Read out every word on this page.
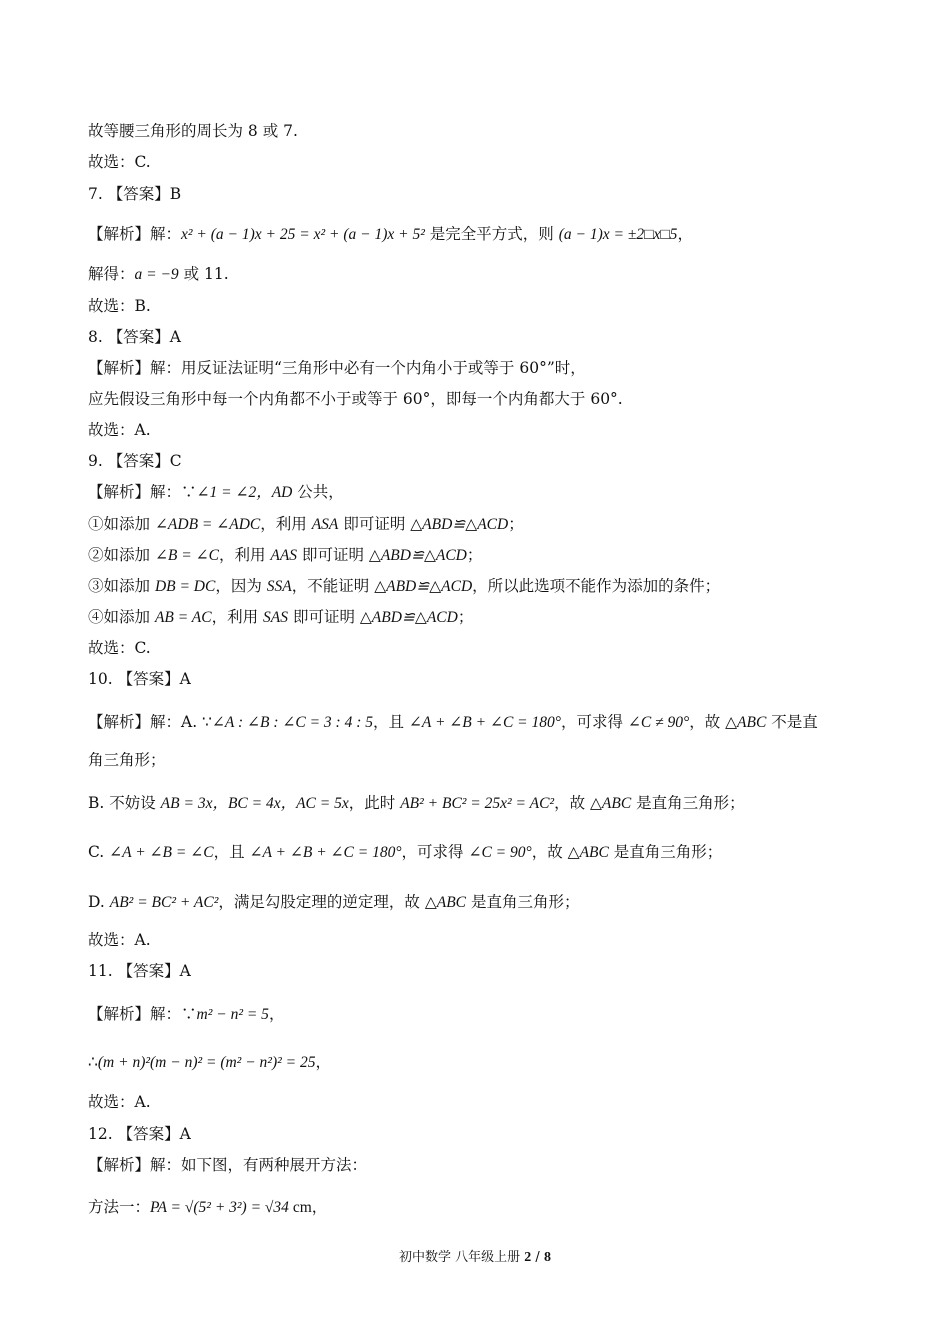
故等腰三角形的周长为 8 或 7.
故选：C.
7. 【答案】B
【解析】解：x² + (a − 1)x + 25 = x² + (a − 1)x + 5² 是完全平方式，则 (a − 1)x = ±2□x□5，
解得：a = −9 或 11.
故选：B.
8. 【答案】A
【解析】解：用反证法证明“三角形中必有一个内角小于或等于 60°”时，
应先假设三角形中每一个内角都不小于或等于 60°，即每一个内角都大于 60°.
故选：A.
9. 【答案】C
【解析】解：∵∠1 = ∠2，AD 公共，
①如添加 ∠ADB = ∠ADC，利用 ASA 即可证明 △ABD≌△ACD；
②如添加 ∠B = ∠C，利用 AAS 即可证明 △ABD≌△ACD；
③如添加 DB = DC，因为 SSA，不能证明 △ABD≌△ACD，所以此选项不能作为添加的条件；
④如添加 AB = AC，利用 SAS 即可证明 △ABD≌△ACD；
故选：C.
10. 【答案】A
【解析】解：A. ∵∠A : ∠B : ∠C = 3 : 4 : 5，且 ∠A + ∠B + ∠C = 180°，可求得 ∠C ≠ 90°，故 △ABC 不是直
角三角形；
B. 不妨设 AB = 3x，BC = 4x，AC = 5x，此时 AB² + BC² = 25x² = AC²，故 △ABC 是直角三角形；
C. ∠A + ∠B = ∠C，且 ∠A + ∠B + ∠C = 180°，可求得 ∠C = 90°，故 △ABC 是直角三角形；
D. AB² = BC² + AC²，满足勾股定理的逆定理，故 △ABC 是直角三角形；
故选：A.
11. 【答案】A
【解析】解：∵m² − n² = 5，
∴(m + n)²(m − n)² = (m² − n²)² = 25，
故选：A.
12. 【答案】A
【解析】解：如下图，有两种展开方法：
方法一：PA = √(5² + 3²) = √34 cm，
初中数学 八年级上册 2 / 8
